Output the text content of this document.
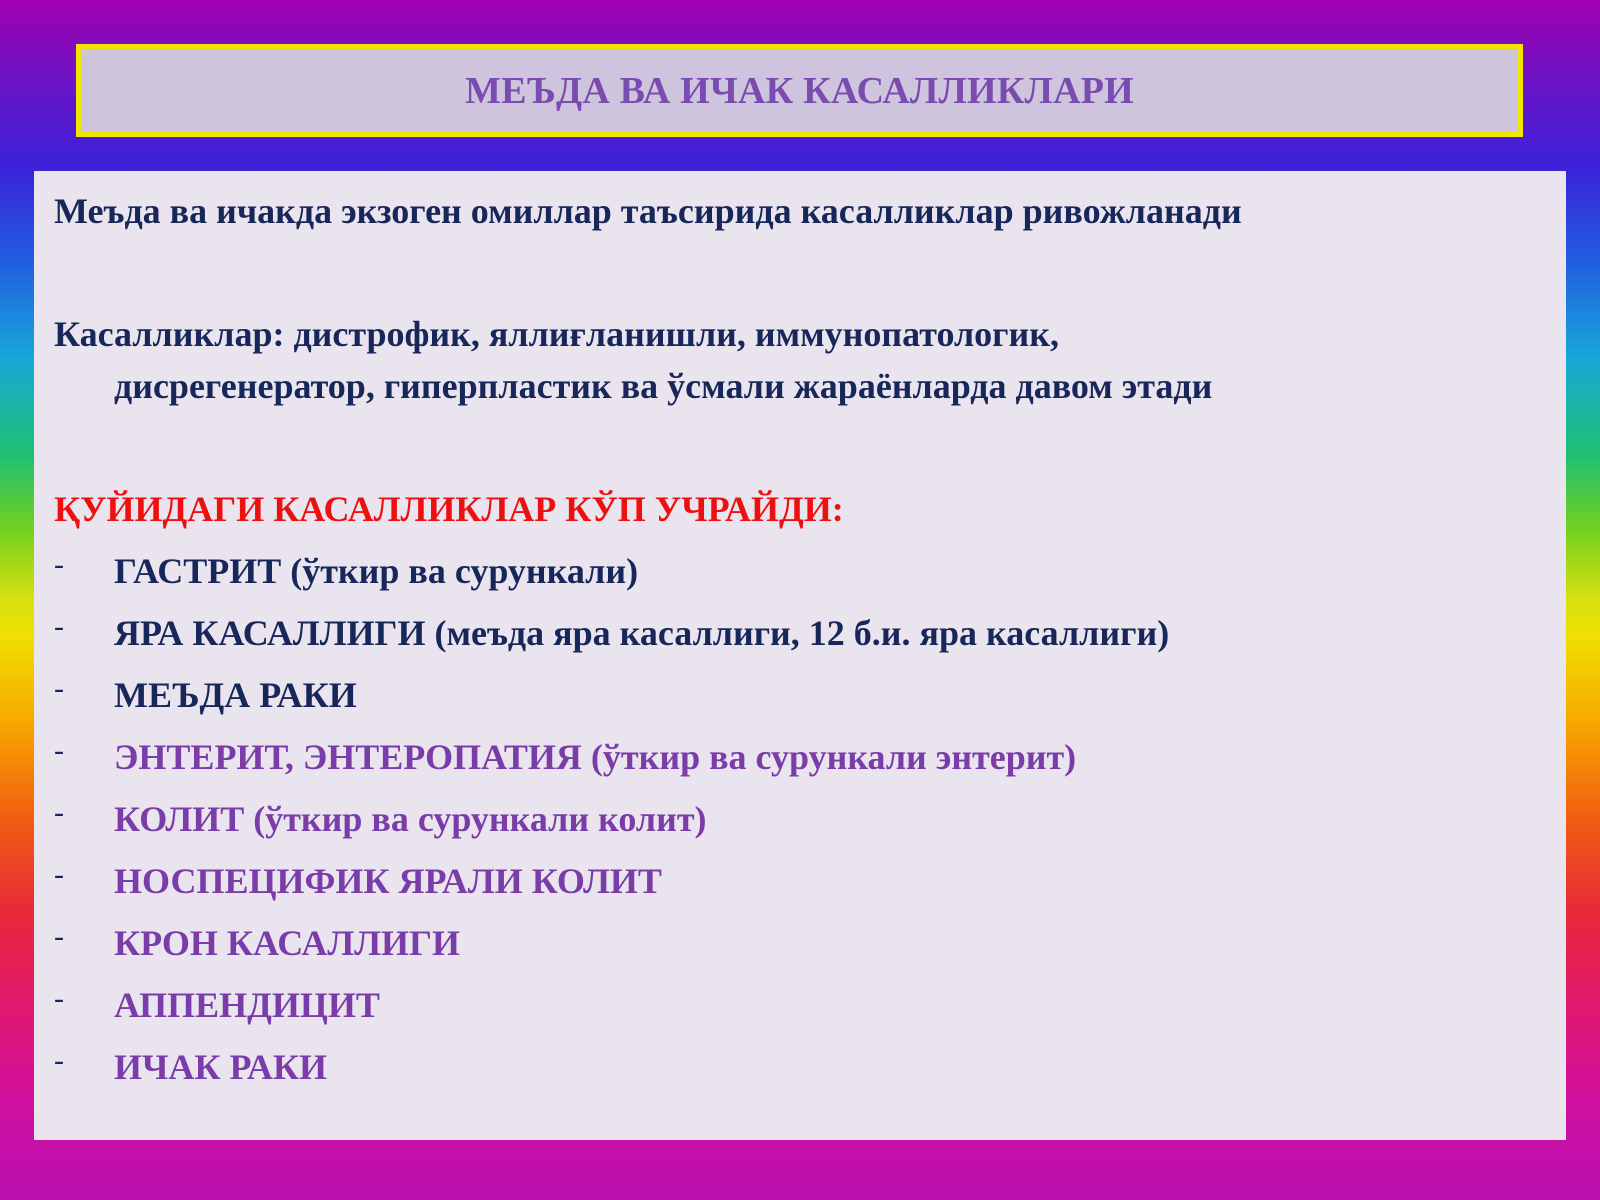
МЕЪДА ВА ИЧАК КАСАЛЛИКЛАРИ

Меъда ва ичакда экзоген омиллар таъсирида касалликлар ривожланади

Касалликлар: дистрофик, яллиғланишли, иммунопатологик,
дисрегенератор, гиперпластик ва ўсмали жараёнларда давом этади

ҚУЙИДАГИ КАСАЛЛИКЛАР КЎП УЧРАЙДИ:

- ГАСТРИТ (ўткир ва сурункали)
- ЯРА КАСАЛЛИГИ (меъда яра касаллиги, 12 б.и. яра касаллиги)
- МЕЪДА РАКИ
- ЭНТЕРИТ, ЭНТЕРОПАТИЯ (ўткир ва сурункали энтерит)
- КОЛИТ (ўткир ва сурункали колит)
- НОСПЕЦИФИК ЯРАЛИ КОЛИТ
- КРОН КАСАЛЛИГИ
- АППЕНДИЦИТ
- ИЧАК РАКИ
